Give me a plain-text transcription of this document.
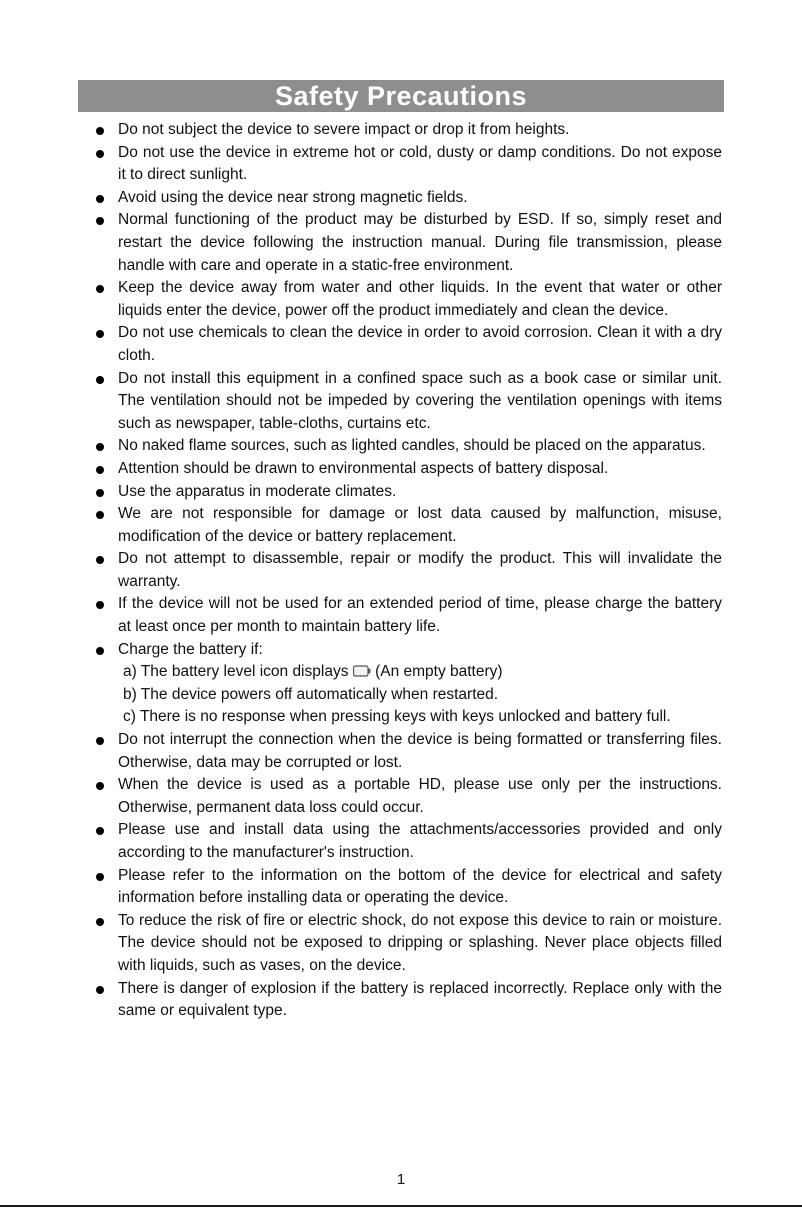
Safety Precautions
Do not subject the device to severe impact or drop it from heights.
Do not use the device in extreme hot or cold, dusty or damp conditions. Do not expose it to direct sunlight.
Avoid using the device near strong magnetic fields.
Normal functioning of the product may be disturbed by ESD. If so, simply reset and restart the device following the instruction manual. During file transmission, please handle with care and operate in a static-free environment.
Keep the device away from water and other liquids. In the event that water or other liquids enter the device, power off the product immediately and clean the device.
Do not use chemicals to clean the device in order to avoid corrosion. Clean it with a dry cloth.
Do not install this equipment in a confined space such as a book case or similar unit. The ventilation should not be impeded by covering the ventilation openings with items such as newspaper, table-cloths, curtains etc.
No naked flame sources, such as lighted candles, should be placed on the apparatus.
Attention should be drawn to environmental aspects of battery disposal.
Use the apparatus in moderate climates.
We are not responsible for damage or lost data caused by malfunction, misuse, modification of the device or battery replacement.
Do not attempt to disassemble, repair or modify the product. This will invalidate the warranty.
If the device will not be used for an extended period of time, please charge the battery at least once per month to maintain battery life.
Charge the battery if:
a) The battery level icon displays  (An empty battery)
b) The device powers off automatically when restarted.
c) There is no response when pressing keys with keys unlocked and battery full.
Do not interrupt the connection when the device is being formatted or transferring files. Otherwise, data may be corrupted or lost.
When the device is used as a portable HD, please use only per the instructions. Otherwise, permanent data loss could occur.
Please use and install data using the attachments/accessories provided and only according to the manufacturer's instruction.
Please refer to the information on the bottom of the device for electrical and safety information before installing data or operating the device.
To reduce the risk of fire or electric shock, do not expose this device to rain or moisture. The device should not be exposed to dripping or splashing. Never place objects filled with liquids, such as vases, on the device.
There is danger of explosion if the battery is replaced incorrectly. Replace only with the same or equivalent type.
1
